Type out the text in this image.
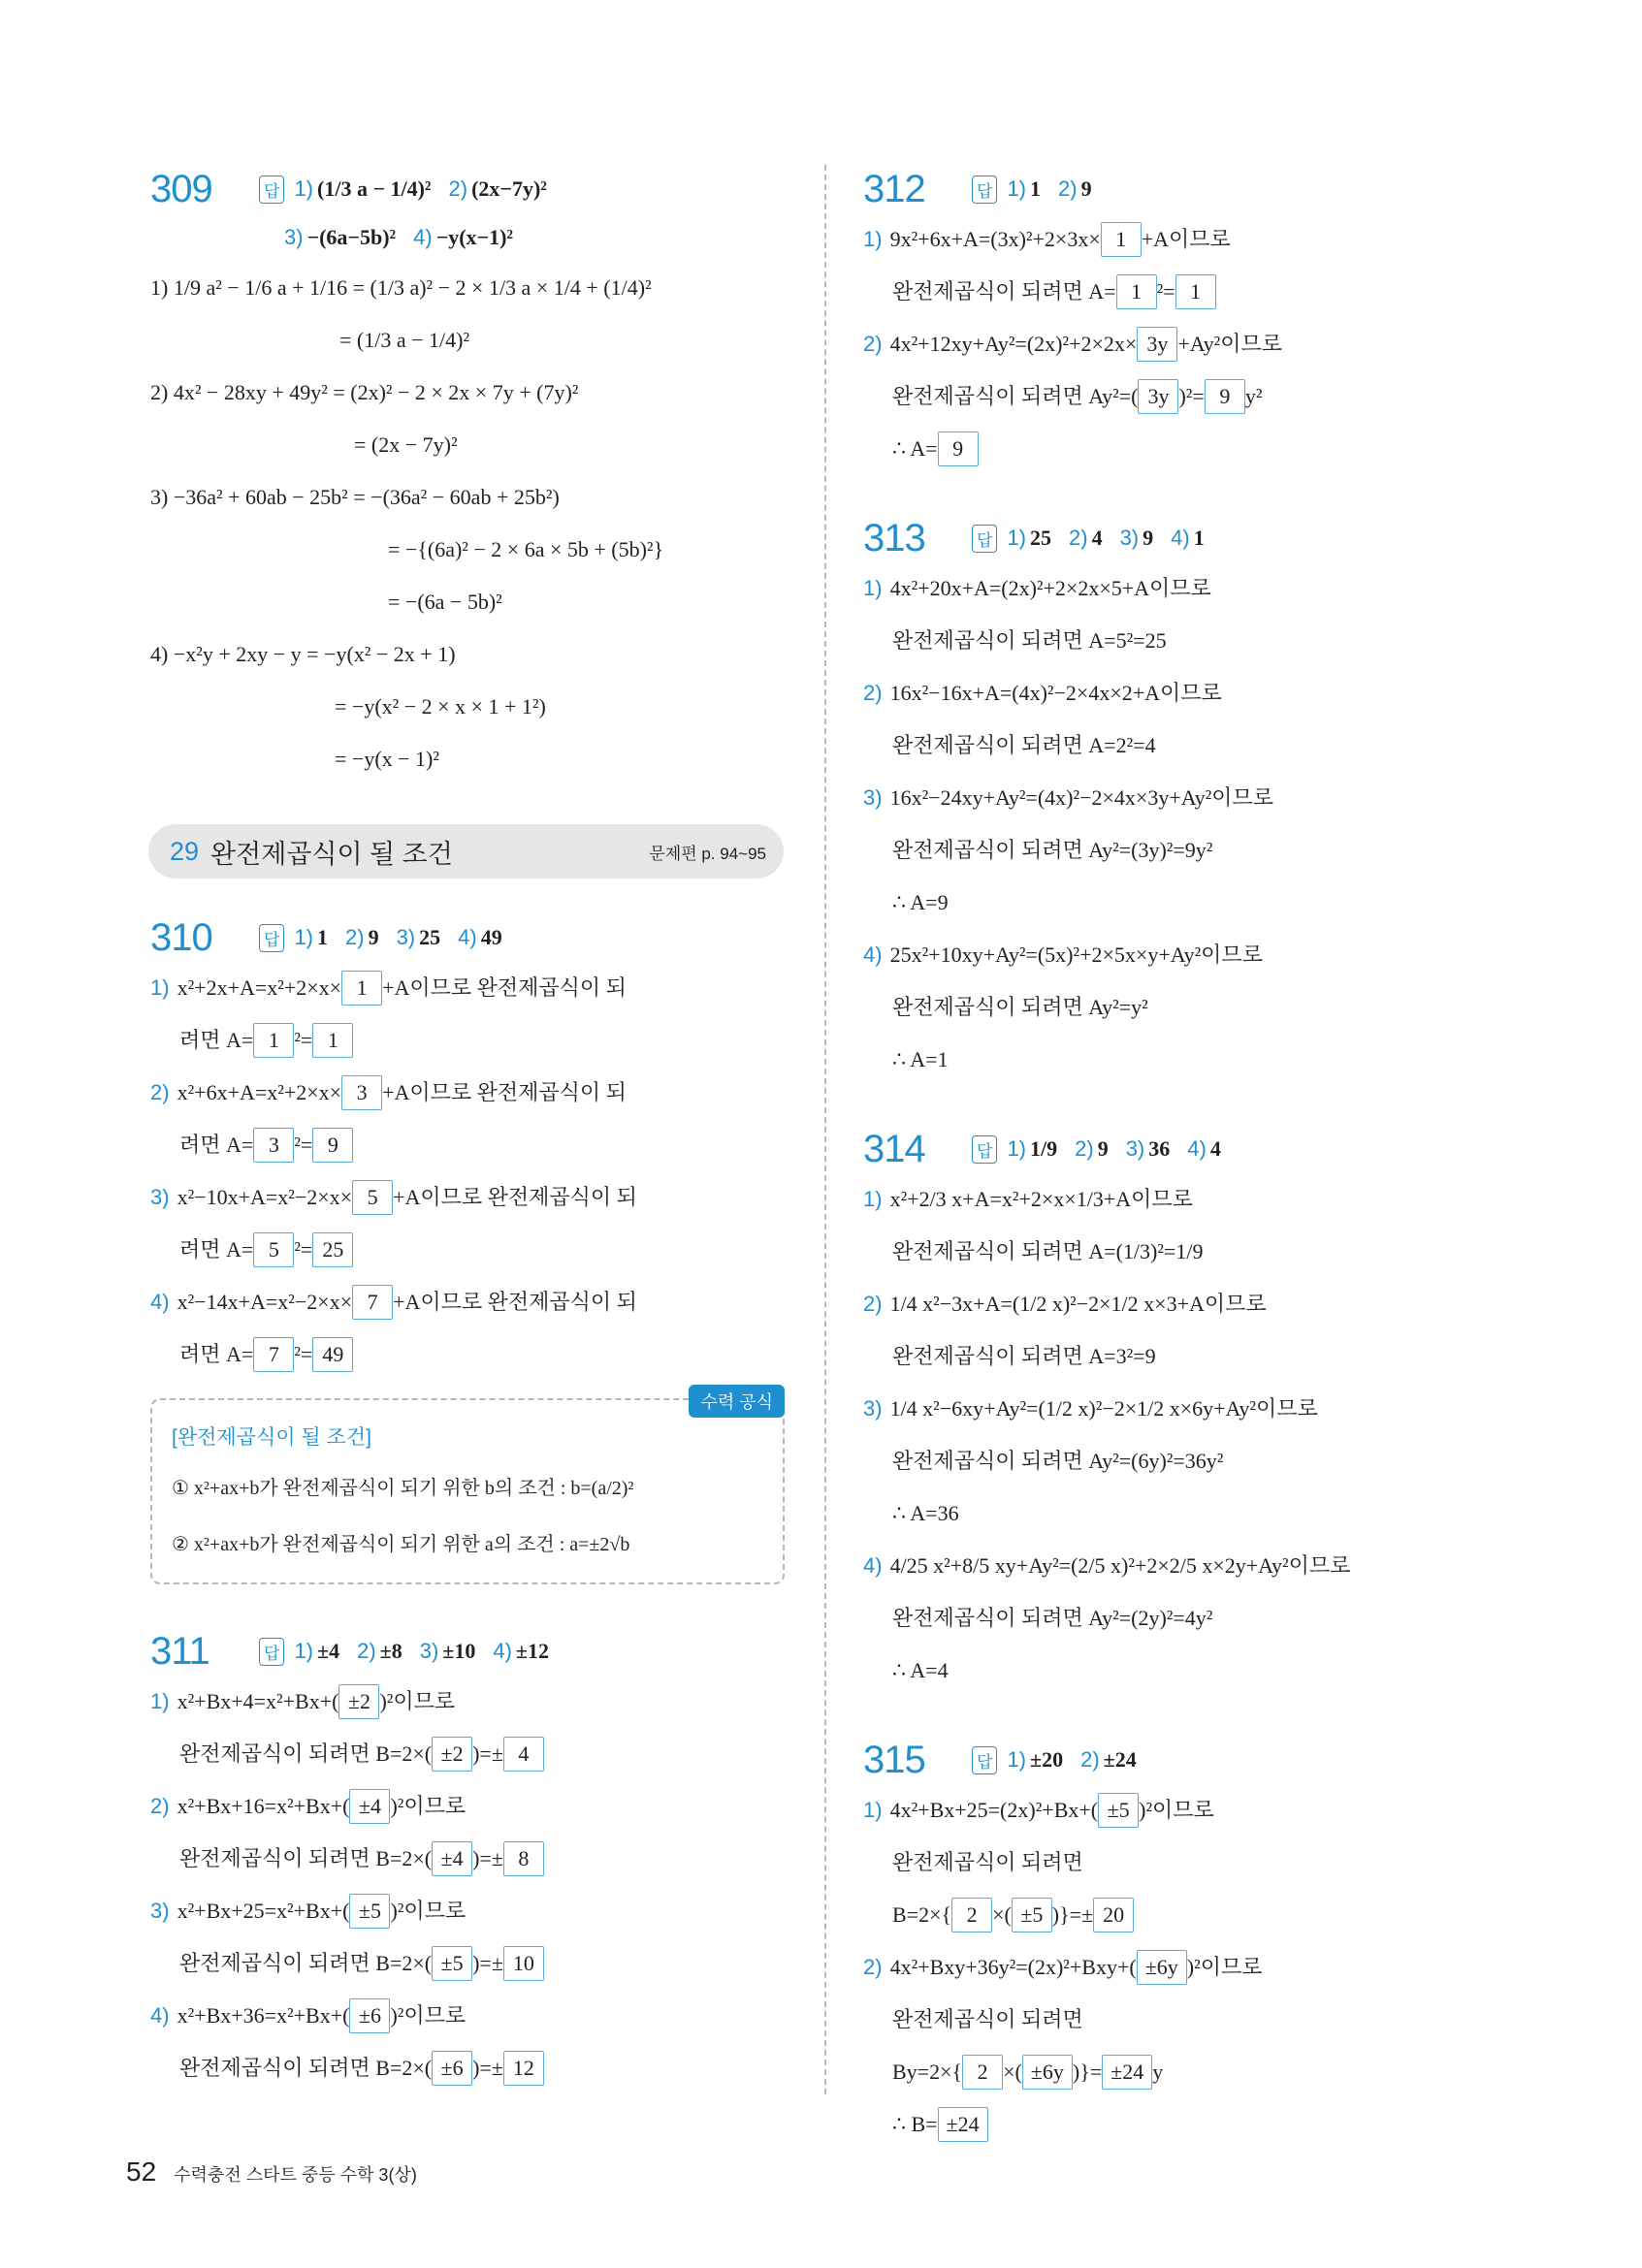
309	답 1) (1/3 a − 1/4)² 2) (2x−7y)²
3) −(6a−5b)² 4) −y(x−1)²
1) 1/9 a² − 1/6 a + 1/16 = (1/3 a)² − 2 × 1/3 a × 1/4 + (1/4)²
= (1/3 a − 1/4)²
2) 4x² − 28xy + 49y² = (2x)² − 2 × 2x × 7y + (7y)²
= (2x − 7y)²
3) −36a² + 60ab − 25b² = −(36a² − 60ab + 25b²)
= −{(6a)² − 2 × 6a × 5b + (5b)²}
= −(6a − 5b)²
4) −x²y + 2xy − y = −y(x² − 2x + 1)
= −y(x² − 2 × x × 1 + 1²)
= −y(x − 1)²
29 완전제곱식이 될 조건	문제편 p. 94~95
310	답 1) 1 2) 9 3) 25 4) 49
1) x²+2x+A=x²+2×x× 1 +A이므로 완전제곱식이 되
려면 A= 1 ²= 1
2) x²+6x+A=x²+2×x× 3 +A이므로 완전제곱식이 되
려면 A= 3 ²= 9
3) x²−10x+A=x²−2×x× 5 +A이므로 완전제곱식이 되
려면 A= 5 ²= 25
4) x²−14x+A=x²−2×x× 7 +A이므로 완전제곱식이 되
려면 A= 7 ²= 49
수력 공식
[완전제곱식이 될 조건]
① x²+ax+b가 완전제곱식이 되기 위한 b의 조건 : b=(a/2)²
② x²+ax+b가 완전제곱식이 되기 위한 a의 조건 : a=±2√b
311	답 1) ±4 2) ±8 3) ±10 4) ±12
1) x²+Bx+4=x²+Bx+( ±2 )²이므로
완전제곱식이 되려면 B=2×( ±2 )=± 4
2) x²+Bx+16=x²+Bx+( ±4 )²이므로
완전제곱식이 되려면 B=2×( ±4 )=± 8
3) x²+Bx+25=x²+Bx+( ±5 )²이므로
완전제곱식이 되려면 B=2×( ±5 )=± 10
4) x²+Bx+36=x²+Bx+( ±6 )²이므로
완전제곱식이 되려면 B=2×( ±6 )=± 12
312	답 1) 1 2) 9
1) 9x²+6x+A=(3x)²+2×3x× 1 +A이므로
완전제곱식이 되려면 A= 1 ²= 1
2) 4x²+12xy+Ay²=(2x)²+2×2x× 3y +Ay²이므로
완전제곱식이 되려면 Ay²=( 3y )²= 9 y²
∴ A= 9
313	답 1) 25 2) 4 3) 9 4) 1
1) 4x²+20x+A=(2x)²+2×2x×5+A이므로
완전제곱식이 되려면 A=5²=25
2) 16x²−16x+A=(4x)²−2×4x×2+A이므로
완전제곱식이 되려면 A=2²=4
3) 16x²−24xy+Ay²=(4x)²−2×4x×3y+Ay²이므로
완전제곱식이 되려면 Ay²=(3y)²=9y²
∴ A=9
4) 25x²+10xy+Ay²=(5x)²+2×5x×y+Ay²이므로
완전제곱식이 되려면 Ay²=y²
∴ A=1
314	답 1) 1/9 2) 9 3) 36 4) 4
1) x²+2/3 x+A=x²+2×x×1/3+A이므로
완전제곱식이 되려면 A=(1/3)²=1/9
2) 1/4 x²−3x+A=(1/2 x)²−2×1/2 x×3+A이므로
완전제곱식이 되려면 A=3²=9
3) 1/4 x²−6xy+Ay²=(1/2 x)²−2×1/2 x×6y+Ay²이므로
완전제곱식이 되려면 Ay²=(6y)²=36y²
∴ A=36
4) 4/25 x²+8/5 xy+Ay²=(2/5 x)²+2×2/5 x×2y+Ay²이므로
완전제곱식이 되려면 Ay²=(2y)²=4y²
∴ A=4
315	답 1) ±20 2) ±24
1) 4x²+Bx+25=(2x)²+Bx+( ±5 )²이므로
완전제곱식이 되려면
B=2×{ 2 ×( ±5 )}=± 20
2) 4x²+Bxy+36y²=(2x)²+Bxy+( ±6y )²이므로
완전제곱식이 되려면
By=2×{ 2 ×( ±6y )}= ±24 y
∴ B= ±24
52 수력충전 스타트 중등 수학 3(상)
